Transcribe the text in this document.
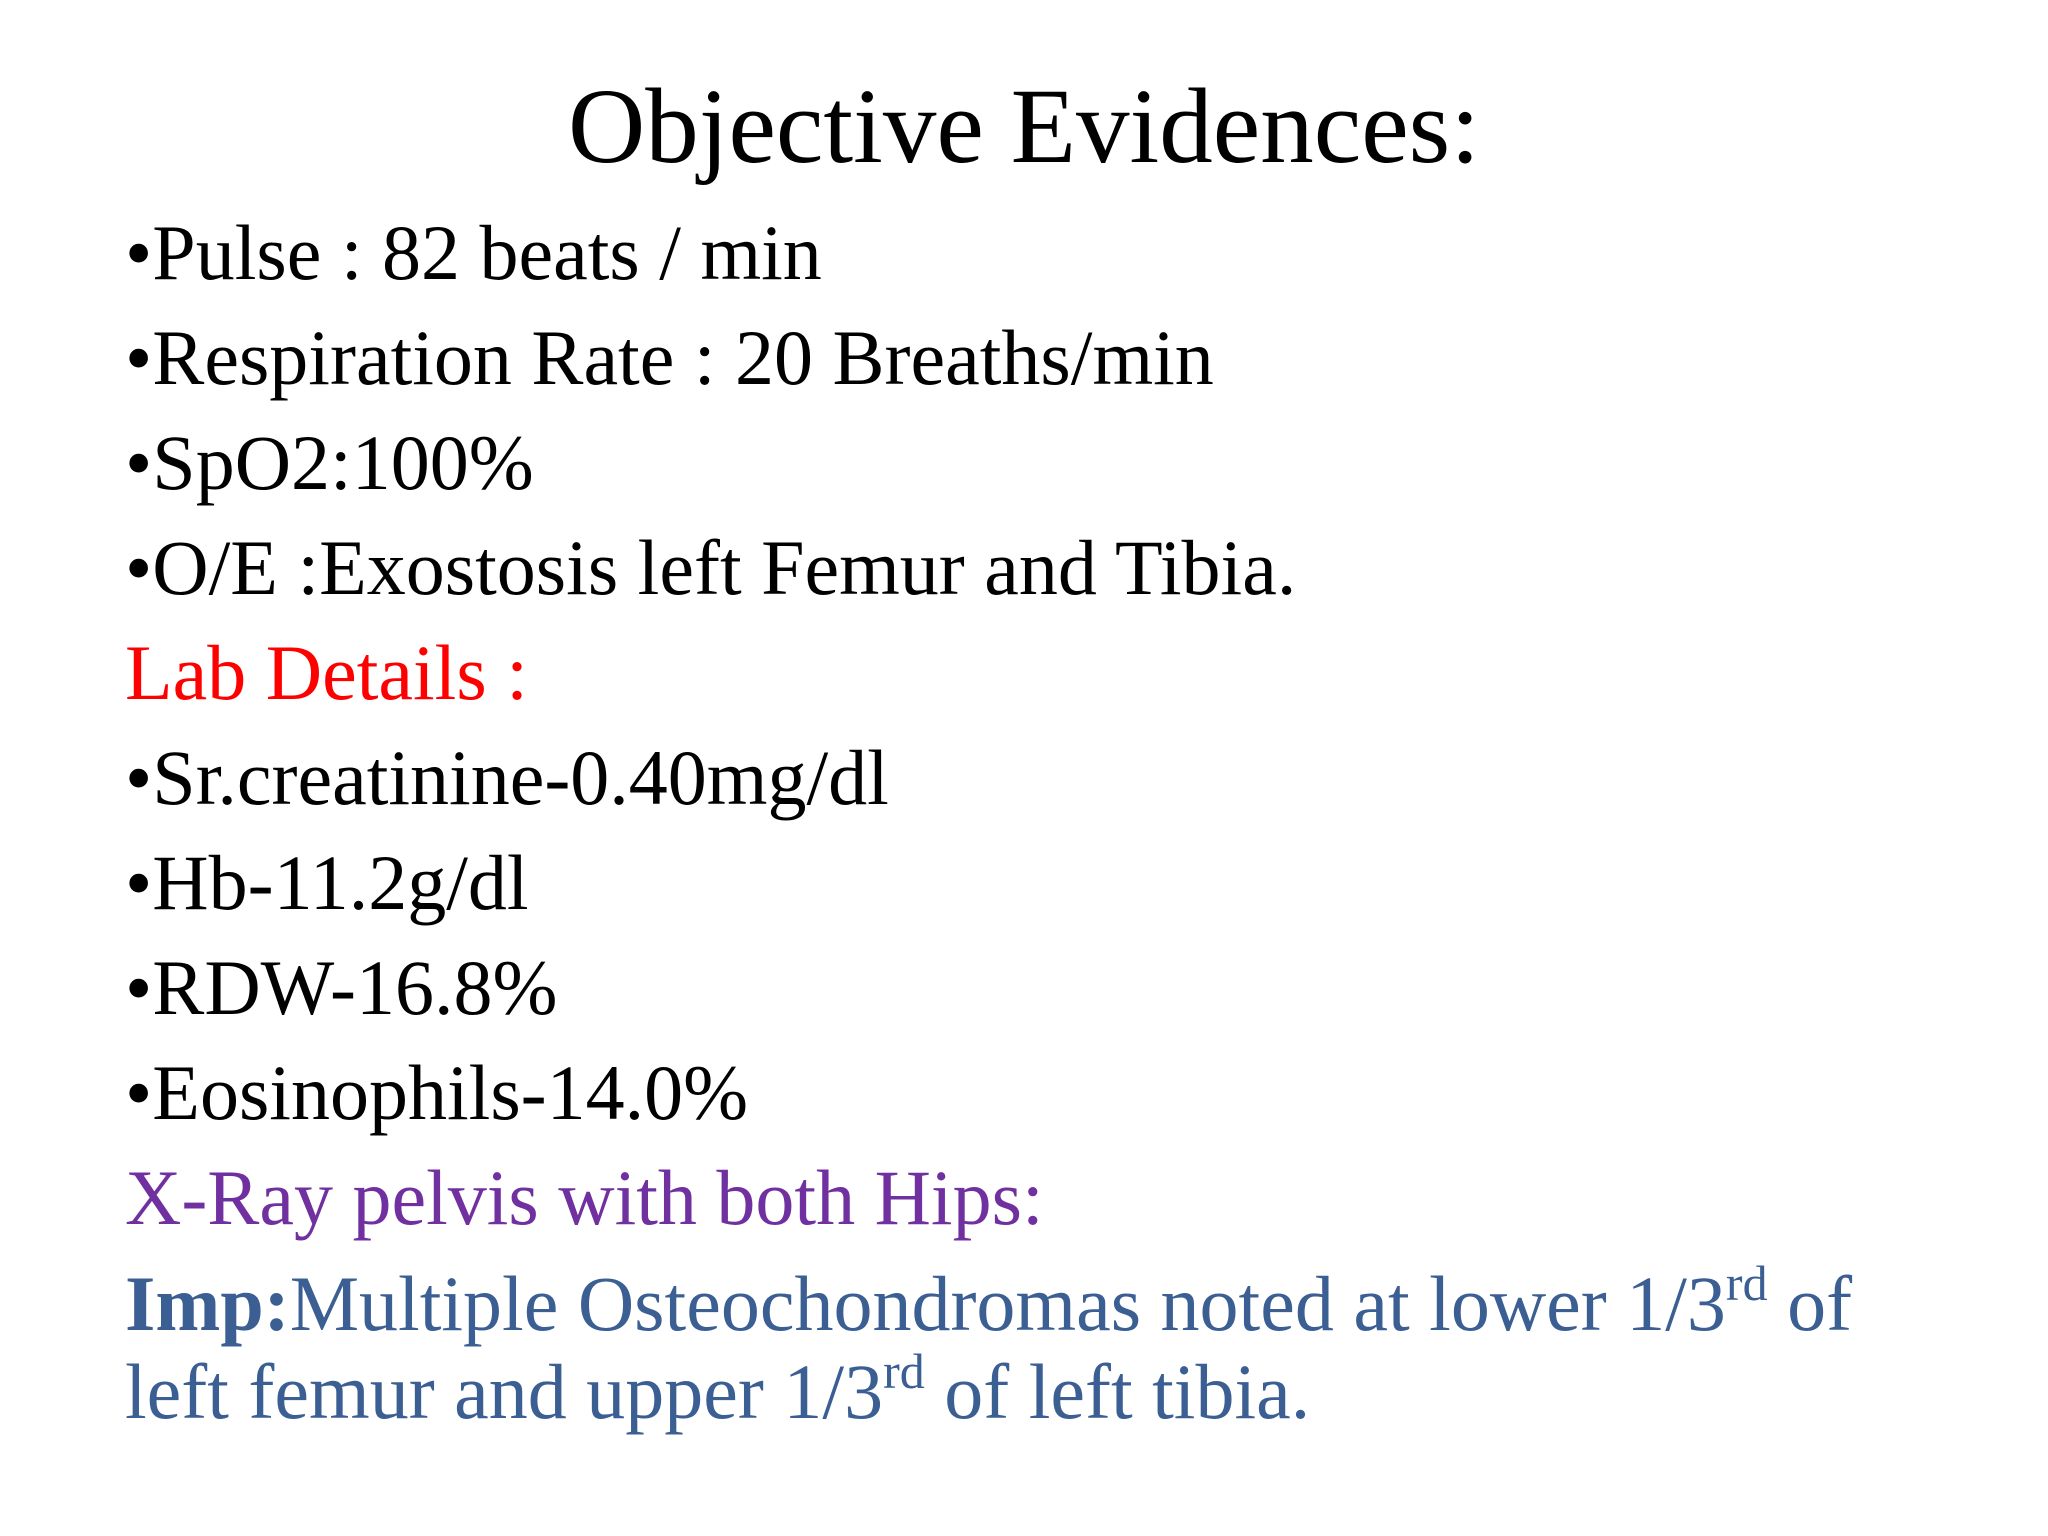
Objective Evidences:
•Pulse : 82 beats / min
•Respiration Rate : 20 Breaths/min
•SpO2:100%
•O/E :Exostosis left Femur and Tibia.
Lab Details :
•Sr.creatinine-0.40mg/dl
•Hb-11.2g/dl
•RDW-16.8%
•Eosinophils-14.0%
X-Ray pelvis with both Hips:
Imp:Multiple Osteochondromas noted at lower 1/3rd of
left femur and upper 1/3rd of left tibia.
